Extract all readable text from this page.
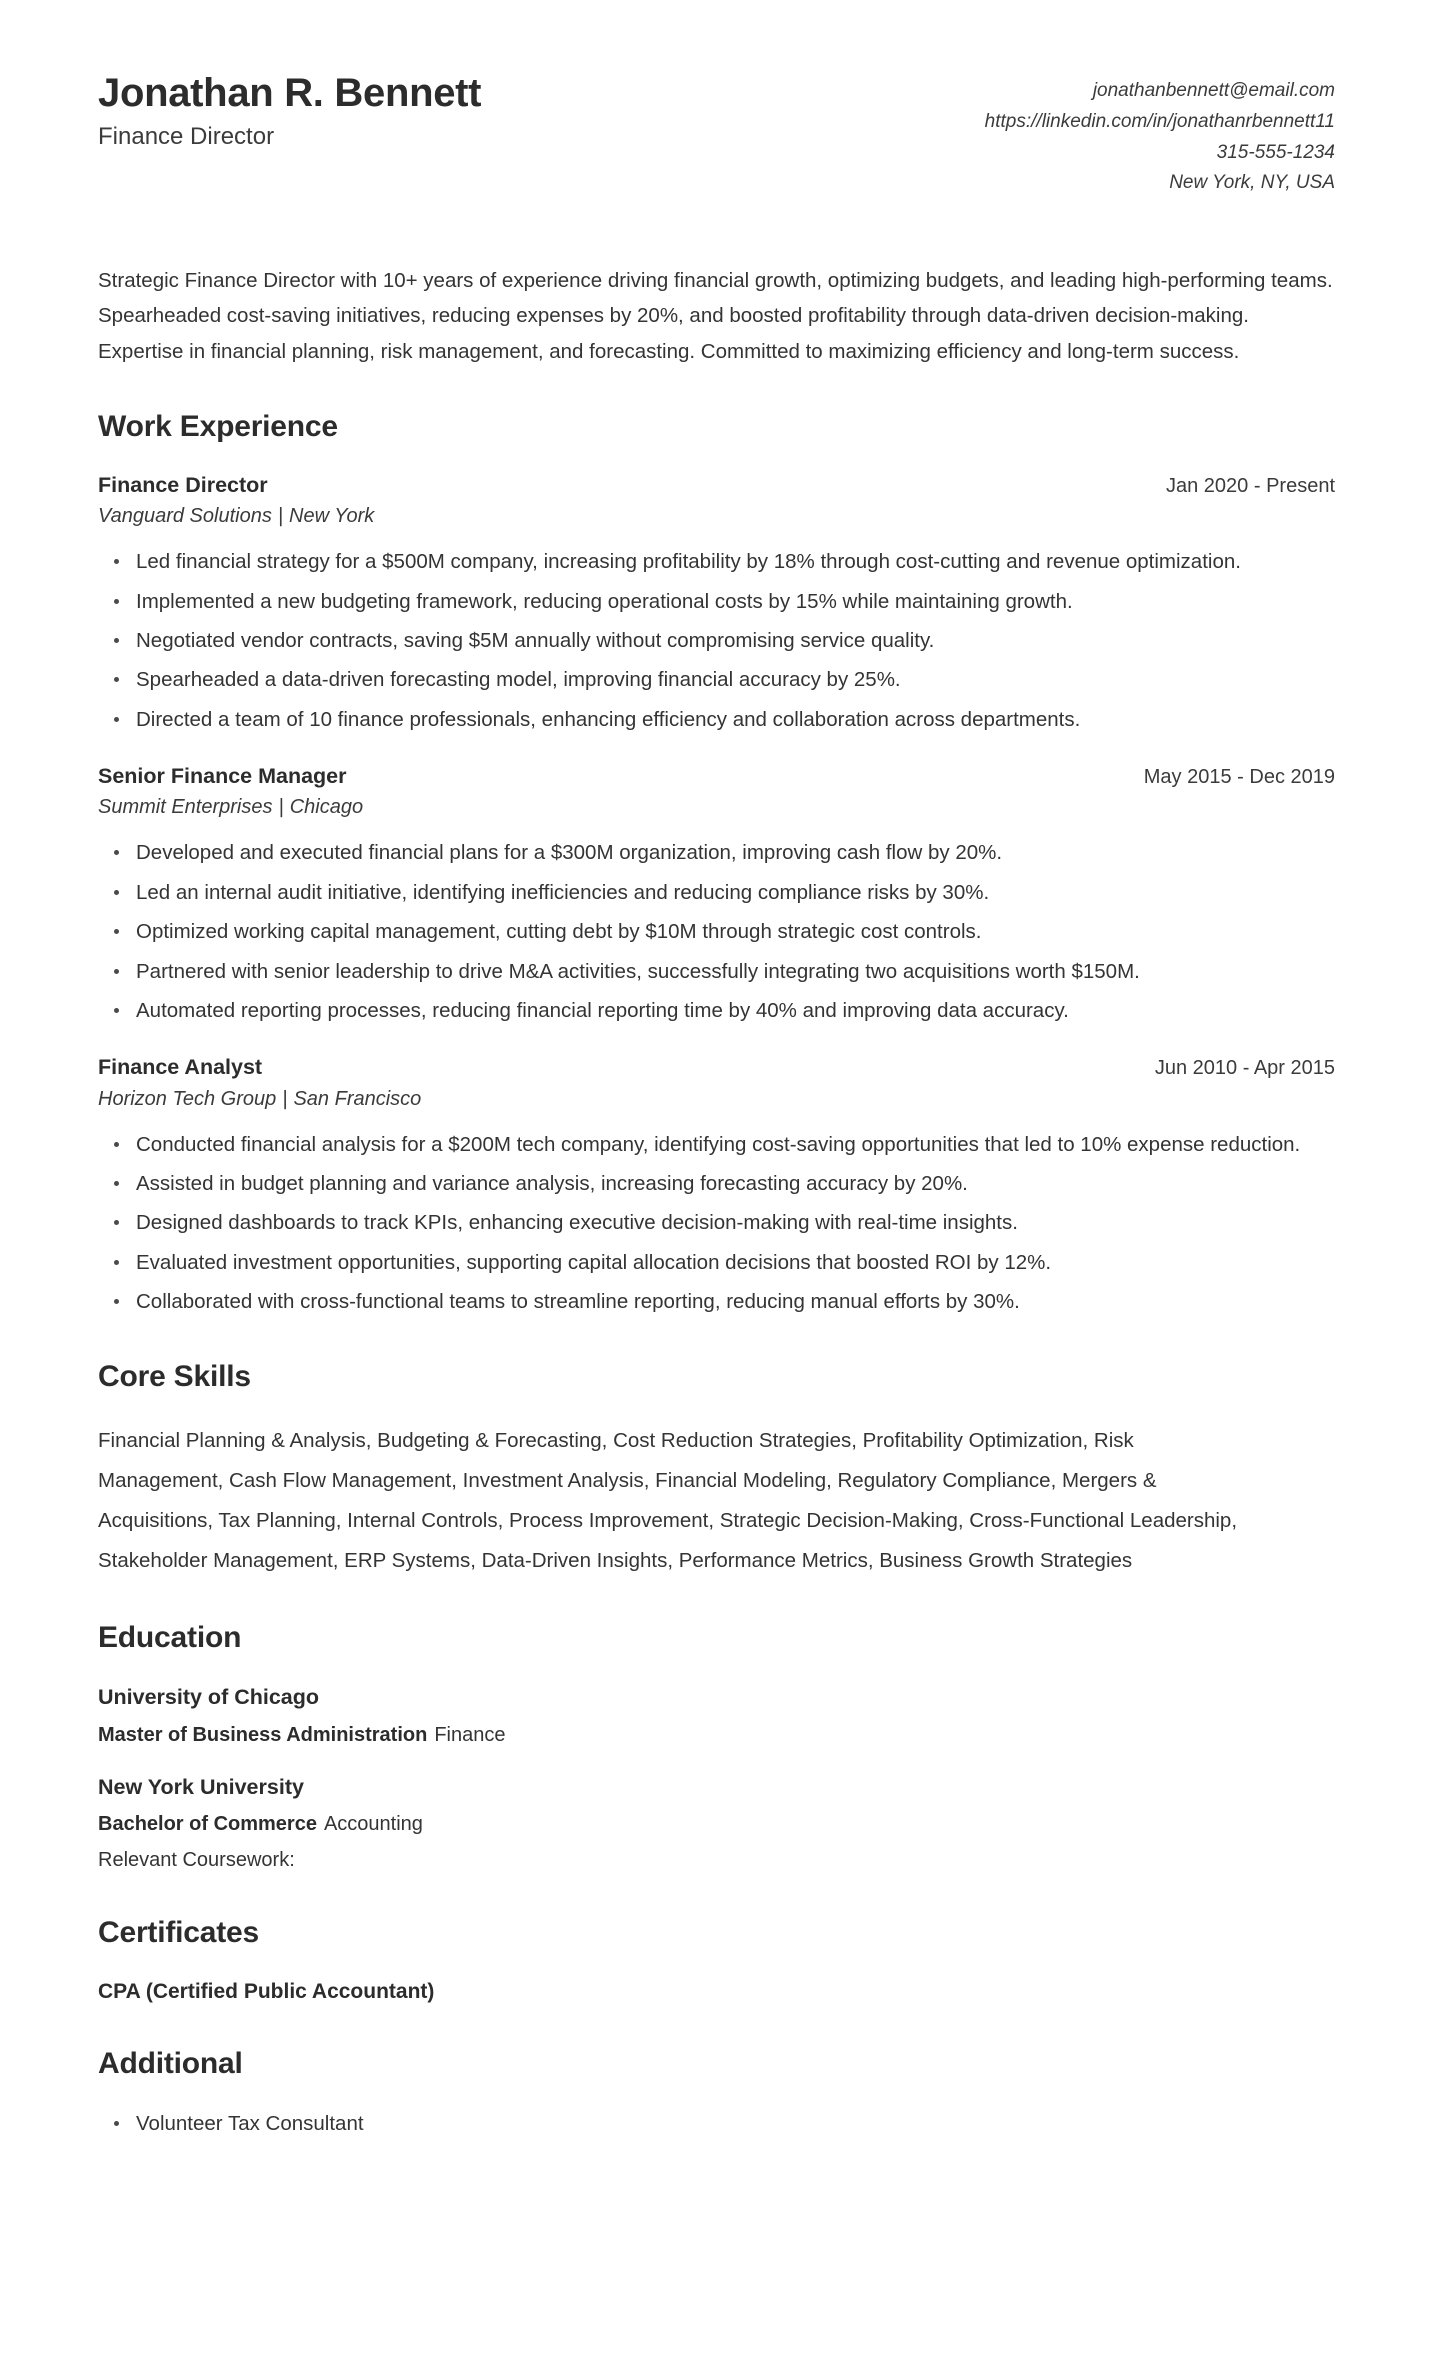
Jonathan R. Bennett
Finance Director
jonathanbennett@email.com
https://linkedin.com/in/jonathanrbennett11
315-555-1234
New York, NY, USA
Strategic Finance Director with 10+ years of experience driving financial growth, optimizing budgets, and leading high-performing teams. Spearheaded cost-saving initiatives, reducing expenses by 20%, and boosted profitability through data-driven decision-making. Expertise in financial planning, risk management, and forecasting. Committed to maximizing efficiency and long-term success.
Work Experience
Finance Director	Jan 2020 - Present
Vanguard Solutions | New York
Led financial strategy for a $500M company, increasing profitability by 18% through cost-cutting and revenue optimization.
Implemented a new budgeting framework, reducing operational costs by 15% while maintaining growth.
Negotiated vendor contracts, saving $5M annually without compromising service quality.
Spearheaded a data-driven forecasting model, improving financial accuracy by 25%.
Directed a team of 10 finance professionals, enhancing efficiency and collaboration across departments.
Senior Finance Manager	May 2015 - Dec 2019
Summit Enterprises | Chicago
Developed and executed financial plans for a $300M organization, improving cash flow by 20%.
Led an internal audit initiative, identifying inefficiencies and reducing compliance risks by 30%.
Optimized working capital management, cutting debt by $10M through strategic cost controls.
Partnered with senior leadership to drive M&A activities, successfully integrating two acquisitions worth $150M.
Automated reporting processes, reducing financial reporting time by 40% and improving data accuracy.
Finance Analyst	Jun 2010 - Apr 2015
Horizon Tech Group | San Francisco
Conducted financial analysis for a $200M tech company, identifying cost-saving opportunities that led to 10% expense reduction.
Assisted in budget planning and variance analysis, increasing forecasting accuracy by 20%.
Designed dashboards to track KPIs, enhancing executive decision-making with real-time insights.
Evaluated investment opportunities, supporting capital allocation decisions that boosted ROI by 12%.
Collaborated with cross-functional teams to streamline reporting, reducing manual efforts by 30%.
Core Skills
Financial Planning & Analysis, Budgeting & Forecasting, Cost Reduction Strategies, Profitability Optimization, Risk Management, Cash Flow Management, Investment Analysis, Financial Modeling, Regulatory Compliance, Mergers & Acquisitions, Tax Planning, Internal Controls, Process Improvement, Strategic Decision-Making, Cross-Functional Leadership, Stakeholder Management, ERP Systems, Data-Driven Insights, Performance Metrics, Business Growth Strategies
Education
University of Chicago
Master of Business Administration Finance
New York University
Bachelor of Commerce Accounting
Relevant Coursework:
Certificates
CPA (Certified Public Accountant)
Additional
Volunteer Tax Consultant
